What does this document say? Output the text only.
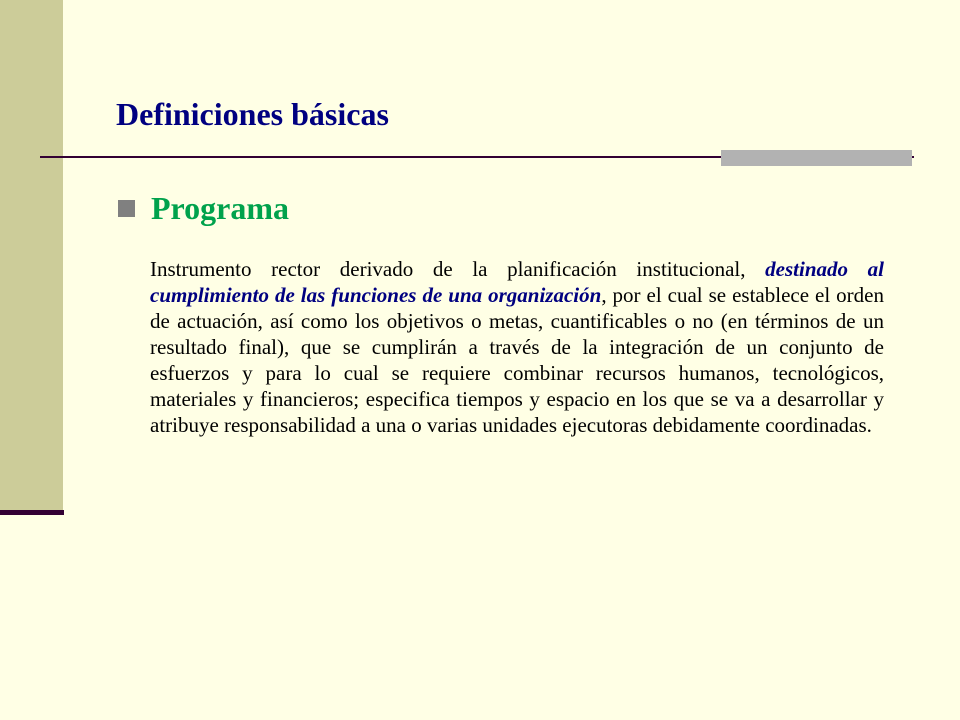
Definiciones básicas
Programa

Instrumento rector derivado de la planificación institucional, destinado al cumplimiento de las funciones de una organización, por el cual se establece el orden de actuación, así como los objetivos o metas, cuantificables o no (en términos de un resultado final), que se cumplirán a través de la integración de un conjunto de esfuerzos y para lo cual se requiere combinar recursos humanos, tecnológicos, materiales y financieros; especifica tiempos y espacio en los que se va a desarrollar y atribuye responsabilidad a una o varias unidades ejecutoras debidamente coordinadas.
